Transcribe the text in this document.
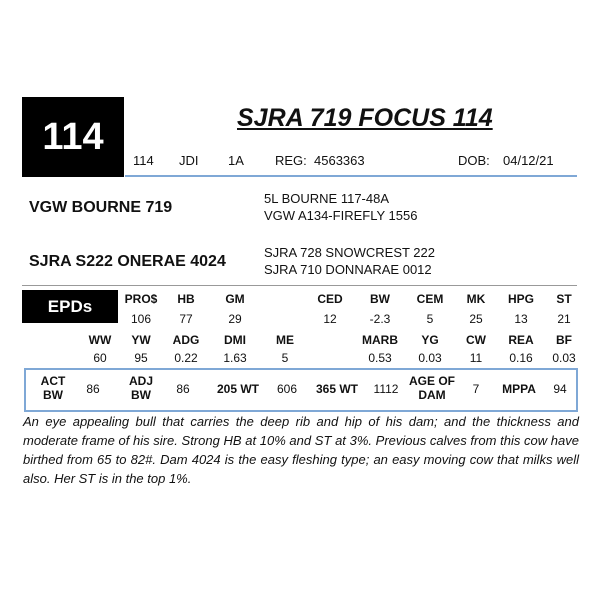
114	SJRA 719 FOCUS 114
114 JDI 1A REG: 4563363	DOB: 04/12/21
VGW BOURNE 719
5L BOURNE 117-48A
VGW A134-FIREFLY 1556
SJRA S222 ONERAE 4024
SJRA 728 SNOWCREST 222
SJRA 710 DONNARAE 0012
EPDs	PRO$	HB	GM	CED	BW	CEM	MK	HPG	ST
106	77	29	12	-2.3	5	25	13	21
WW	YW	ADG	DMI	ME	MARB	YG	CW	REA	BF
60	95	0.22	1.63	5	0.53	0.03	11	0.16	0.03
ACT BW	86
ADJ BW	86	205 WT	606	365 WT	1112
AGE OF DAM	7	MPPA	94
An eye appealing bull that carries the deep rib and hip of his dam; and the thickness and moderate frame of his sire. Strong HB at 10% and ST at 3%. Previous calves from this cow have birthed from 65 to 82#. Dam 4024 is the easy fleshing type; an easy moving cow that milks well also. Her ST is in the top 1%.
